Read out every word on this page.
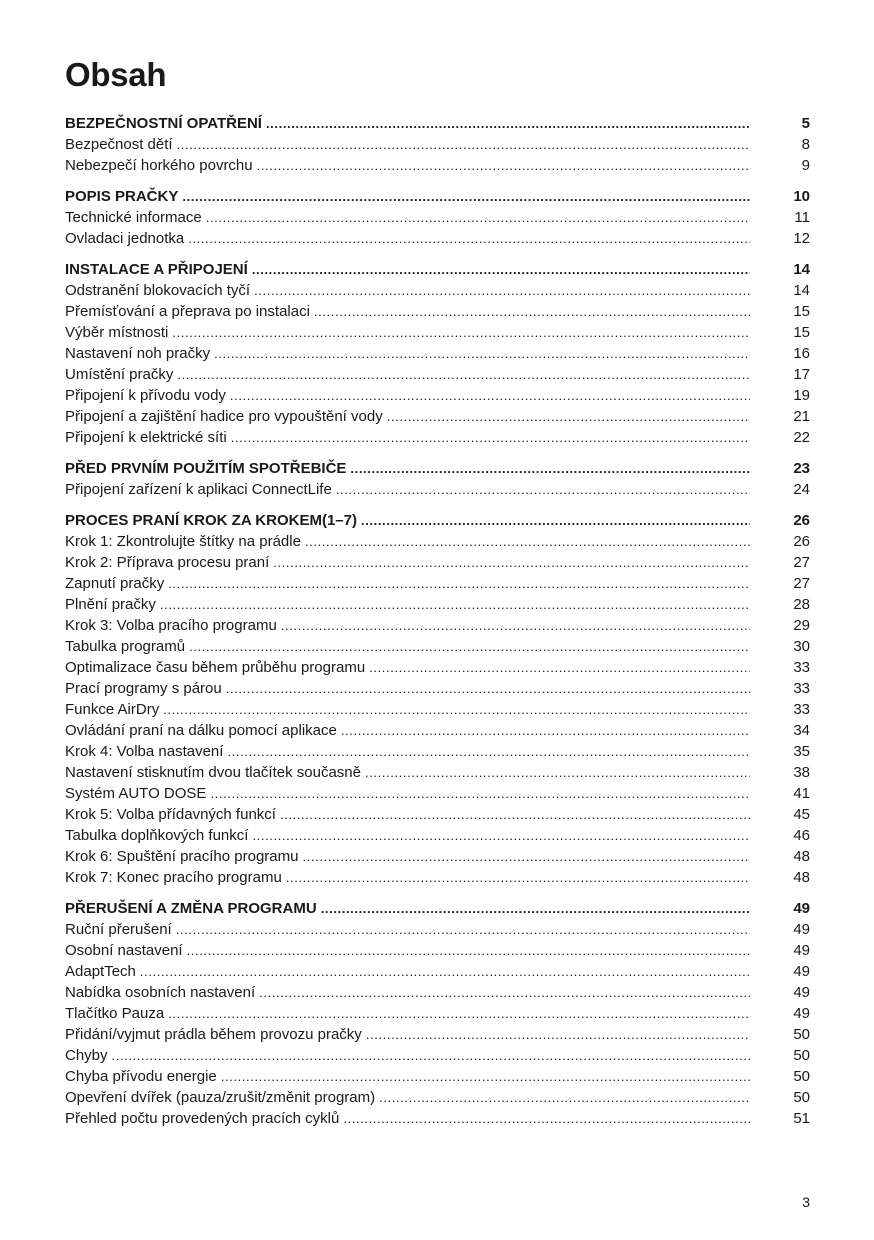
Obsah
BEZPEČNOSTNÍ OPATŘENÍ .....	5
Bezpečnost dětí .....	8
Nebezpečí horkého povrchu .....	9
POPIS PRAČKY .....	10
Technické informace .....	11
Ovladaci jednotka .....	12
INSTALACE A PŘIPOJENÍ .....	14
Odstranění blokovacích tyčí .....	14
Přemísťování a přeprava po instalaci .....	15
Výběr místnosti .....	15
Nastavení noh pračky .....	16
Umístění pračky .....	17
Připojení k přívodu vody .....	19
Připojení a zajištění hadice pro vypouštění vody .....	21
Připojení k elektrické síti .....	22
PŘED PRVNÍM POUŽITÍM SPOTŘEBIČE .....	23
Připojení zařízení k aplikaci ConnectLife .....	24
PROCES PRANÍ KROK ZA KROKEM(1–7) .....	26
Krok 1: Zkontrolujte štítky na prádle .....	26
Krok 2: Příprava procesu praní .....	27
Zapnutí pračky .....	27
Plnění pračky .....	28
Krok 3: Volba pracího programu .....	29
Tabulka programů .....	30
Optimalizace času během průběhu programu .....	33
Prací programy s párou .....	33
Funkce AirDry .....	33
Ovládání praní na dálku pomocí aplikace .....	34
Krok 4: Volba nastavení .....	35
Nastavení stisknutím dvou tlačítek současně .....	38
Systém AUTO DOSE .....	41
Krok 5: Volba přídavných funkcí .....	45
Tabulka doplňkových funkcí .....	46
Krok 6: Spuštění pracího programu .....	48
Krok 7: Konec pracího programu .....	48
PŘERUŠENÍ A ZMĚNA PROGRAMU .....	49
Ruční přerušení .....	49
Osobní nastavení .....	49
AdaptTech .....	49
Nabídka osobních nastavení .....	49
Tlačítko Pauza .....	49
Přidání/vyjmut prádla během provozu pračky .....	50
Chyby .....	50
Chyba přívodu energie .....	50
Opevření dvířek (pauza/zrušit/změnit program) .....	50
Přehled počtu provedených pracích cyklů .....	51
3
